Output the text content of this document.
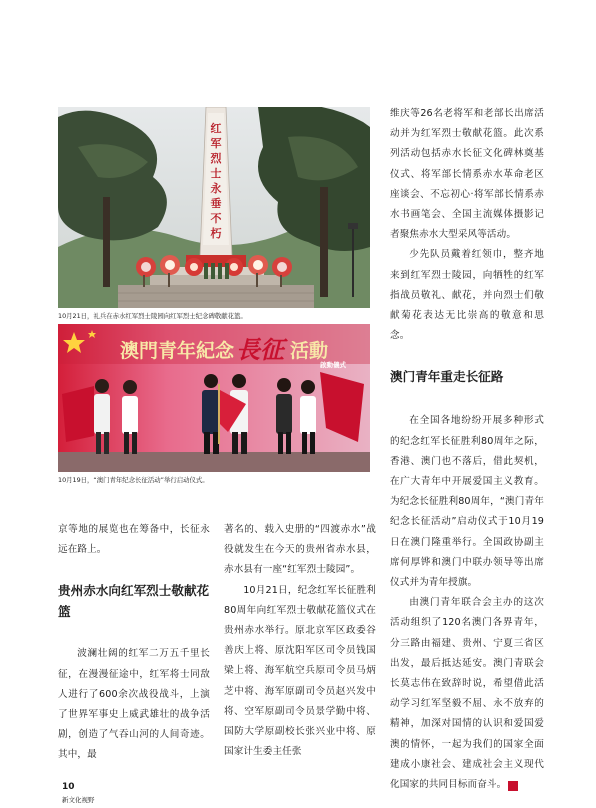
红军烈士永垂不朽
10月21日，礼兵在赤水红军烈士陵园向红军烈士纪念碑敬献花篮。
澳門青年紀念 長征 活動
啟動儀式
10月19日，“澳门青年纪念长征活动”举行启动仪式。

维庆等26名老将军和老部长出席活动并为红军烈士敬献花篮。此次系列活动包括赤水长征文化碑林奠基仪式、将军部长情系赤水革命老区座谈会、不忘初心·将军部长情系赤水书画笔会、全国主流媒体摄影记者聚焦赤水大型采风等活动。

少先队员戴着红领巾，整齐地来到红军烈士陵园，向牺牲的红军指战员敬礼、献花，并向烈士们敬献菊花表达无比崇高的敬意和思念。

澳门青年重走长征路

在全国各地纷纷开展多种形式的纪念红军长征胜利80周年之际，香港、澳门也不落后，借此契机，在广大青年中开展爱国主义教育。为纪念长征胜利80周年，“澳门青年纪念长征活动”启动仪式于10月19日在澳门隆重举行。全国政协副主席何厚铧和澳门中联办领导等出席仪式并为青年授旗。

由澳门青年联合会主办的这次活动组织了120名澳门各界青年，分三路由福建、贵州、宁夏三省区出发，最后抵达延安。澳门青联会长莫志伟在致辞时说，希望借此活动学习红军坚毅不屈、永不放弃的精神，加深对国情的认识和爱国爱澳的情怀，一起为我们的国家全面建成小康社会、建成社会主义现代化国家的共同目标而奋斗。	N

京等地的展览也在筹备中，长征永远在路上。

贵州赤水向红军烈士敬献花篮

波澜壮阔的红军二万五千里长征，在漫漫征途中，红军将士同敌人进行了600余次战役战斗，上演了世界军事史上威武雄壮的战争活剧，创造了气吞山河的人间奇迹。其中，最

著名的、载入史册的“四渡赤水”战役就发生在今天的贵州省赤水县，赤水县有一座“红军烈士陵园”。

10月21日，纪念红军长征胜利80周年向红军烈士敬献花篮仪式在贵州赤水举行。原北京军区政委谷善庆上将、原沈阳军区司令员钱国梁上将、海军航空兵原司令员马炳芝中将、海军原副司令员赵兴发中将、空军原副司令员景学勤中将、国防大学原副校长张兴业中将、原国家计生委主任张

10
新文化视野
